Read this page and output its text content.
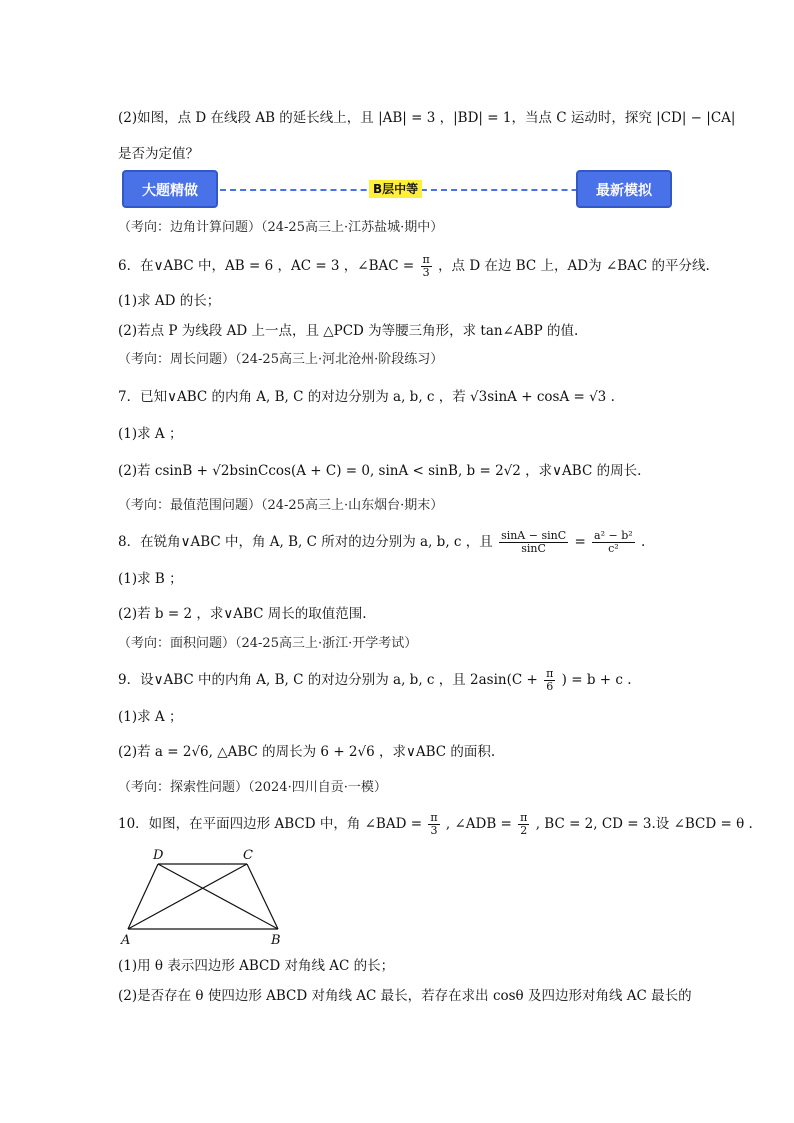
(2)如图，点 D 在线段 AB 的延长线上，且 |AB| = 3 ，|BD| = 1，当点 C 运动时，探究 |CD| − |CA|
是否为定值？
大题精做	B层中等	最新模拟
（考向：边角计算问题）（24-25高三上·江苏盐城·期中）
6．在∨ABC 中，AB = 6 ，AC = 3 ，∠BAC = $\frac{\pi}{3}$ ，点 D 在边 BC 上，AD为 ∠BAC 的平分线.
(1)求 AD 的长；
(2)若点 P 为线段 AD 上一点，且 △PCD 为等腰三角形，求 tan∠ABP 的值.
（考向：周长问题）（24-25高三上·河北沧州·阶段练习）
7．已知∨ABC 的内角 A, B, C 的对边分别为 a, b, c ，若 √3sinA + cosA = √3 .
(1)求 A ；
(2)若 csinB + √2bsinCcos(A + C) = 0, sinA < sinB, b = 2√2 ，求∨ABC 的周长.
（考向：最值范围问题）（24-25高三上·山东烟台·期末）
8．在锐角∨ABC 中，角 A, B, C 所对的边分别为 a, b, c ，且 $\frac{\sin A - \sin C}{\sin C} = \frac{\text{a² − b²}}{\text{c²}}$ .
(1)求 B ；
(2)若 b = 2 ，求∨ABC 周长的取值范围.
（考向：面积问题）（24-25高三上·浙江·开学考试）
9．设∨ABC 中的内角 A, B, C 的对边分别为 a, b, c ，且 $2asin(C + \frac{\pi}{6}$ ) = b + c .
(1)求 A ；
(2)若 a = 2√6, △ABC 的周长为 6 + 2√6 ，求∨ABC 的面积.
（考向：探索性问题）（2024·四川自贡·一模）
10．如图，在平面四边形 ABCD 中，角 ∠BAD = $\frac{\pi}{3}$ , ∠ADB = $\frac{\pi}{2}$ , BC = 2, CD = 3.设 ∠BCD = θ .
D	C
A	B
(1)用 θ 表示四边形 ABCD 对角线 AC 的长；
(2)是否存在 θ 使四边形 ABCD 对角线 AC 最长，若存在求出 cosθ 及四边形对角线 AC 最长的
